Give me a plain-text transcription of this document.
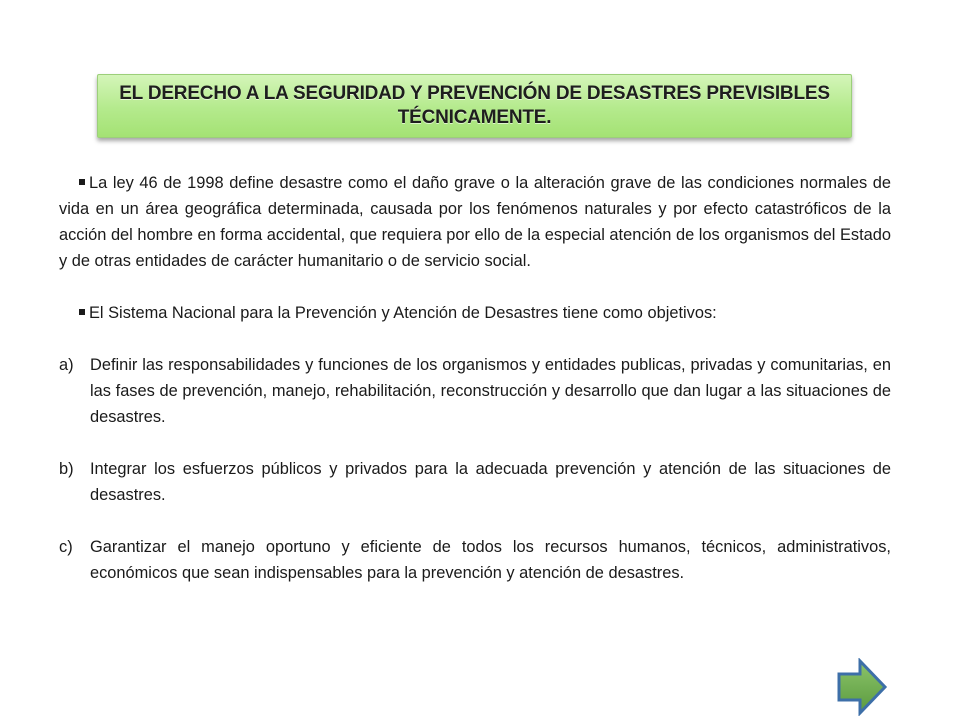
EL DERECHO A LA SEGURIDAD Y PREVENCIÓN DE DESASTRES PREVISIBLES
TÉCNICAMENTE.

La ley 46 de 1998 define desastre como el daño grave o la alteración grave de las condiciones normales de vida en un área geográfica determinada, causada por los fenómenos naturales y por efecto catastróficos de la acción del hombre en forma accidental, que requiera por ello de la especial atención de los organismos del Estado y de otras entidades de carácter humanitario o de servicio social.

El Sistema Nacional para la Prevención y Atención de Desastres tiene como objetivos:

a)	Definir las responsabilidades y funciones de los organismos y entidades publicas, privadas y comunitarias, en las fases de prevención, manejo, rehabilitación, reconstrucción y desarrollo que dan lugar a las situaciones de desastres.
b)	Integrar los esfuerzos públicos y privados para la adecuada prevención y atención de las situaciones de desastres.
c)	Garantizar el manejo oportuno y eficiente de todos los recursos humanos, técnicos, administrativos, económicos que sean indispensables para la prevención y atención de desastres.
